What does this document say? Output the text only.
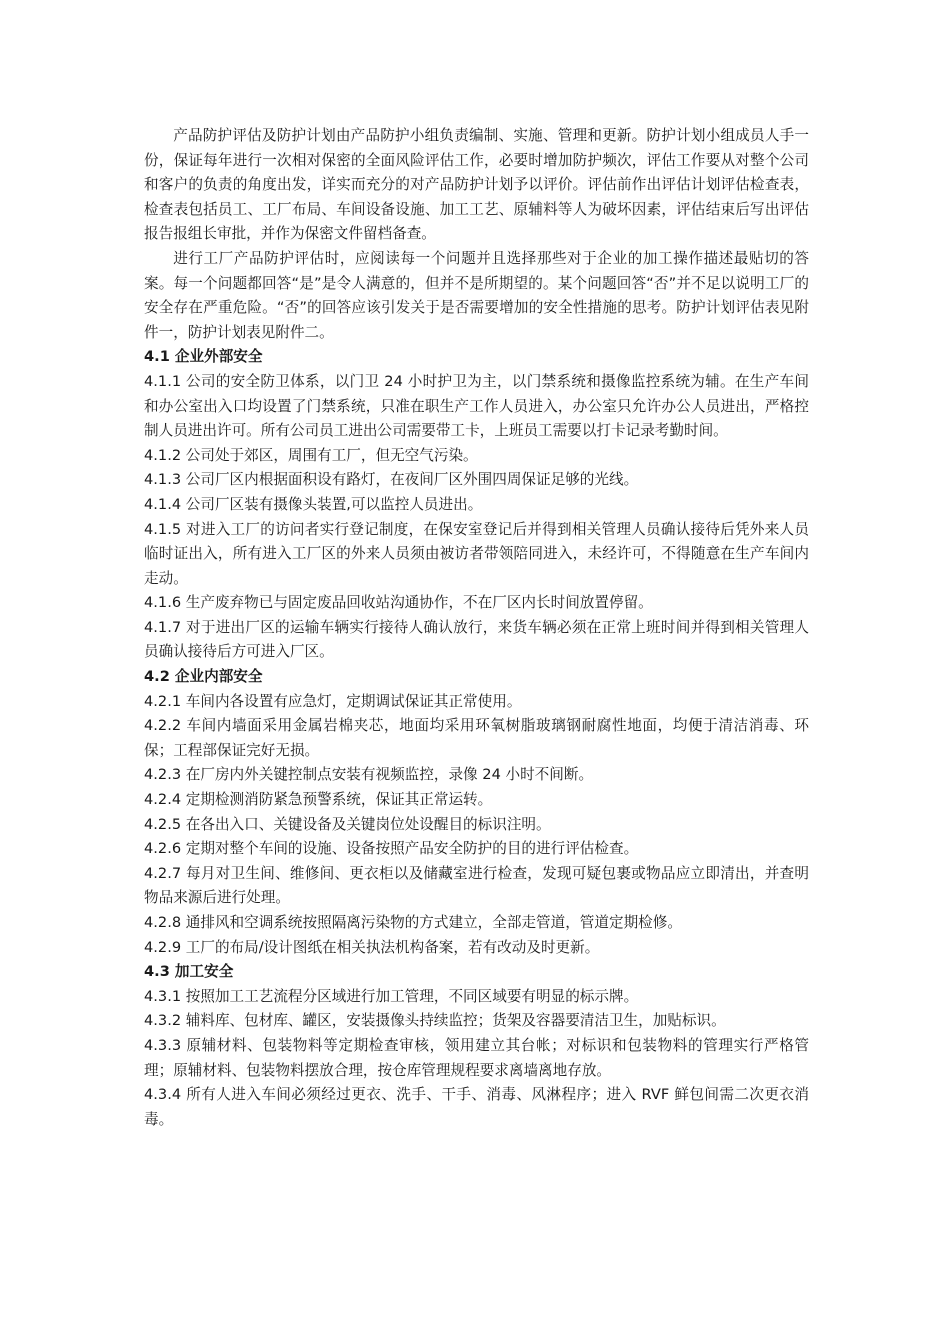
产品防护评估及防护计划由产品防护小组负责编制、实施、管理和更新。防护计划小组成员人手一份，保证每年进行一次相对保密的全面风险评估工作，必要时增加防护频次，评估工作要从对整个公司和客户的负责的角度出发，详实而充分的对产品防护计划予以评价。评估前作出评估计划评估检查表，检查表包括员工、工厂布局、车间设备设施、加工工艺、原辅料等人为破坏因素，评估结束后写出评估报告报组长审批，并作为保密文件留档备查。

进行工厂产品防护评估时，应阅读每一个问题并且选择那些对于企业的加工操作描述最贴切的答案。每一个问题都回答“是”是令人满意的，但并不是所期望的。某个问题回答“否”并不足以说明工厂的安全存在严重危险。“否”的回答应该引发关于是否需要增加的安全性措施的思考。防护计划评估表见附件一，防护计划表见附件二。

4.1 企业外部安全

4.1.1 公司的安全防卫体系，以门卫 24 小时护卫为主，以门禁系统和摄像监控系统为辅。在生产车间和办公室出入口均设置了门禁系统，只准在职生产工作人员进入，办公室只允许办公人员进出，严格控制人员进出许可。所有公司员工进出公司需要带工卡，上班员工需要以打卡记录考勤时间。

4.1.2 公司处于郊区，周围有工厂，但无空气污染。

4.1.3 公司厂区内根据面积设有路灯，在夜间厂区外围四周保证足够的光线。

4.1.4 公司厂区装有摄像头装置,可以监控人员进出。

4.1.5 对进入工厂的访问者实行登记制度，在保安室登记后并得到相关管理人员确认接待后凭外来人员临时证出入，所有进入工厂区的外来人员须由被访者带领陪同进入，未经许可，不得随意在生产车间内走动。

4.1.6 生产废弃物已与固定废品回收站沟通协作，不在厂区内长时间放置停留。

4.1.7 对于进出厂区的运输车辆实行接待人确认放行，来货车辆必须在正常上班时间并得到相关管理人员确认接待后方可进入厂区。

4.2 企业内部安全

4.2.1 车间内各设置有应急灯，定期调试保证其正常使用。

4.2.2 车间内墙面采用金属岩棉夹芯，地面均采用环氧树脂玻璃钢耐腐性地面，均便于清洁消毒、环保；工程部保证完好无损。

4.2.3 在厂房内外关键控制点安装有视频监控，录像 24 小时不间断。

4.2.4 定期检测消防紧急预警系统，保证其正常运转。

4.2.5 在各出入口、关键设备及关键岗位处设醒目的标识注明。

4.2.6 定期对整个车间的设施、设备按照产品安全防护的目的进行评估检查。

4.2.7 每月对卫生间、维修间、更衣柜以及储藏室进行检查，发现可疑包裹或物品应立即清出，并查明物品来源后进行处理。

4.2.8 通排风和空调系统按照隔离污染物的方式建立，全部走管道，管道定期检修。

4.2.9 工厂的布局/设计图纸在相关执法机构备案，若有改动及时更新。

4.3 加工安全

4.3.1 按照加工工艺流程分区域进行加工管理，不同区域要有明显的标示牌。

4.3.2 辅料库、包材库、罐区，安装摄像头持续监控；货架及容器要清洁卫生，加贴标识。

4.3.3 原辅材料、包装物料等定期检查审核，领用建立其台帐；对标识和包装物料的管理实行严格管理；原辅材料、包装物料摆放合理，按仓库管理规程要求离墙离地存放。

4.3.4 所有人进入车间必须经过更衣、洗手、干手、消毒、风淋程序；进入 RVF 鲜包间需二次更衣消毒。
